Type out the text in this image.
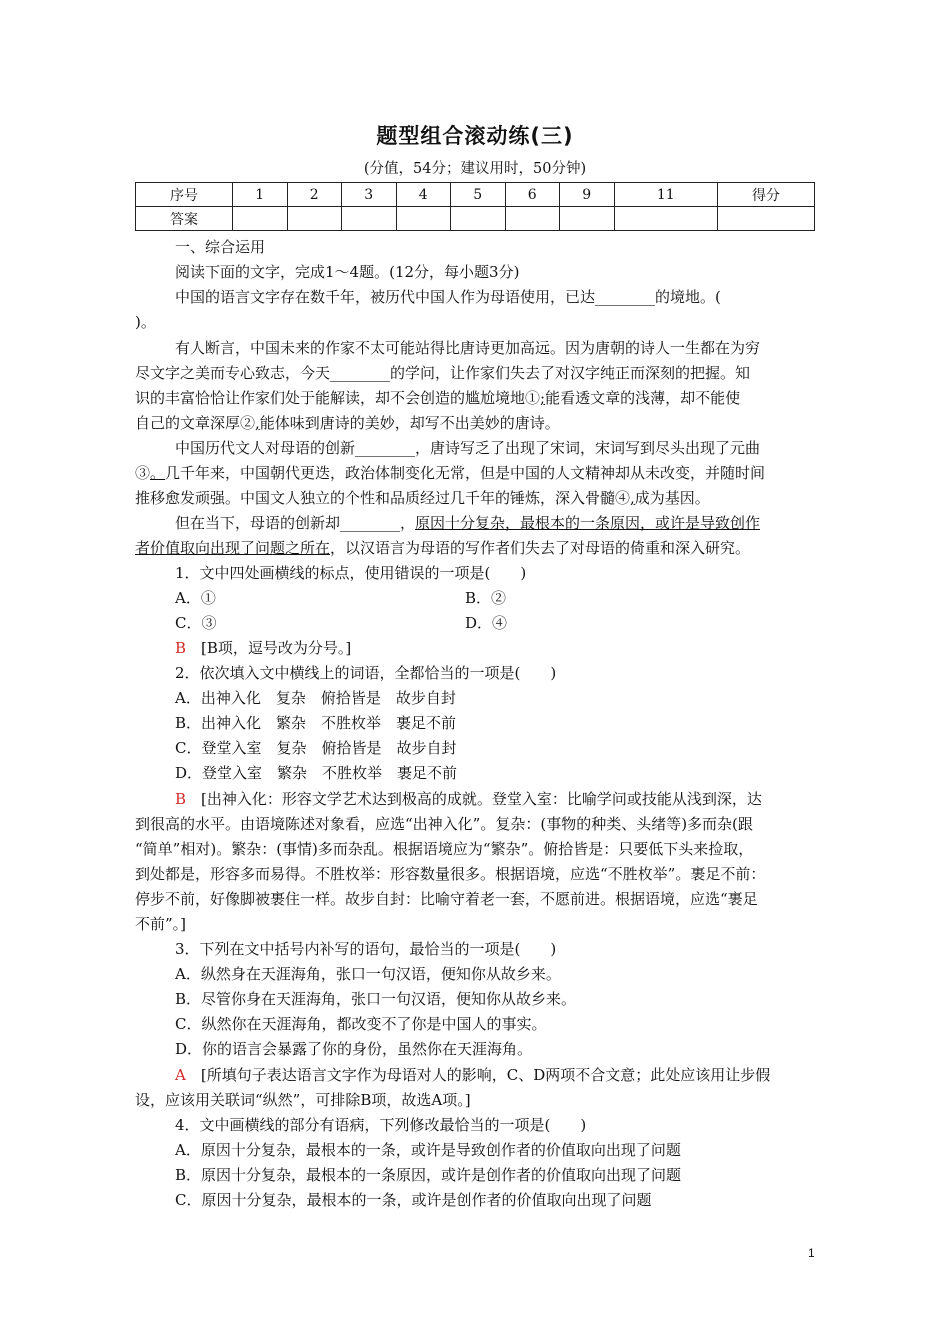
题型组合滚动练(三)
(分值，54分；建议用时，50分钟)
序号	1	2	3	4	5	6	9	11	得分
答案									
一、综合运用
阅读下面的文字，完成1～4题。(12分，每小题3分)
中国的语言文字存在数千年，被历代中国人作为母语使用，已达________的境地。(
)。
有人断言，中国未来的作家不太可能站得比唐诗更加高远。因为唐朝的诗人一生都在为穷
尽文字之美而专心致志，今天________的学问，让作家们失去了对汉字纯正而深刻的把握。知
识的丰富恰恰让作家们处于能解读，却不会创造的尴尬境地①;能看透文章的浅薄，却不能使
自己的文章深厚②,能体味到唐诗的美妙，却写不出美妙的唐诗。
中国历代文人对母语的创新________，唐诗写乏了出现了宋词，宋词写到尽头出现了元曲
③。几千年来，中国朝代更迭，政治体制变化无常，但是中国的人文精神却从未改变，并随时间
推移愈发顽强。中国文人独立的个性和品质经过几千年的锤炼，深入骨髓④,成为基因。
但在当下，母语的创新却________，原因十分复杂，最根本的一条原因，或许是导致创作
者价值取向出现了问题之所在，以汉语言为母语的写作者们失去了对母语的倚重和深入研究。
1．文中四处画横线的标点，使用错误的一项是(　　)
A．①	B．②
C．③	D．④
B　 [B项，逗号改为分号。]
2．依次填入文中横线上的词语，全都恰当的一项是(　　)
A．出神入化　复杂　俯拾皆是　故步自封
B．出神入化　繁杂　不胜枚举　裹足不前
C．登堂入室　复杂　俯拾皆是　故步自封
D．登堂入室　繁杂　不胜枚举　裹足不前
B　 [出神入化：形容文学艺术达到极高的成就。登堂入室：比喻学问或技能从浅到深，达
到很高的水平。由语境陈述对象看，应选“出神入化”。复杂：(事物的种类、头绪等)多而杂(跟
“简单”相对)。繁杂：(事情)多而杂乱。根据语境应为“繁杂”。俯拾皆是：只要低下头来捡取，
到处都是，形容多而易得。不胜枚举：形容数量很多。根据语境，应选“不胜枚举”。裹足不前：
停步不前，好像脚被裹住一样。故步自封：比喻守着老一套，不愿前进。根据语境，应选“裹足
不前”。]
3．下列在文中括号内补写的语句，最恰当的一项是(　　)
A．纵然身在天涯海角，张口一句汉语，便知你从故乡来。
B．尽管你身在天涯海角，张口一句汉语，便知你从故乡来。
C．纵然你在天涯海角，都改变不了你是中国人的事实。
D．你的语言会暴露了你的身份，虽然你在天涯海角。
A　 [所填句子表达语言文字作为母语对人的影响，C、D两项不合文意；此处应该用让步假
设，应该用关联词“纵然”，可排除B项，故选A项。]
4．文中画横线的部分有语病，下列修改最恰当的一项是(　　)
A．原因十分复杂，最根本的一条，或许是导致创作者的价值取向出现了问题
B．原因十分复杂，最根本的一条原因，或许是创作者的价值取向出现了问题
C．原因十分复杂，最根本的一条，或许是创作者的价值取向出现了问题
1
